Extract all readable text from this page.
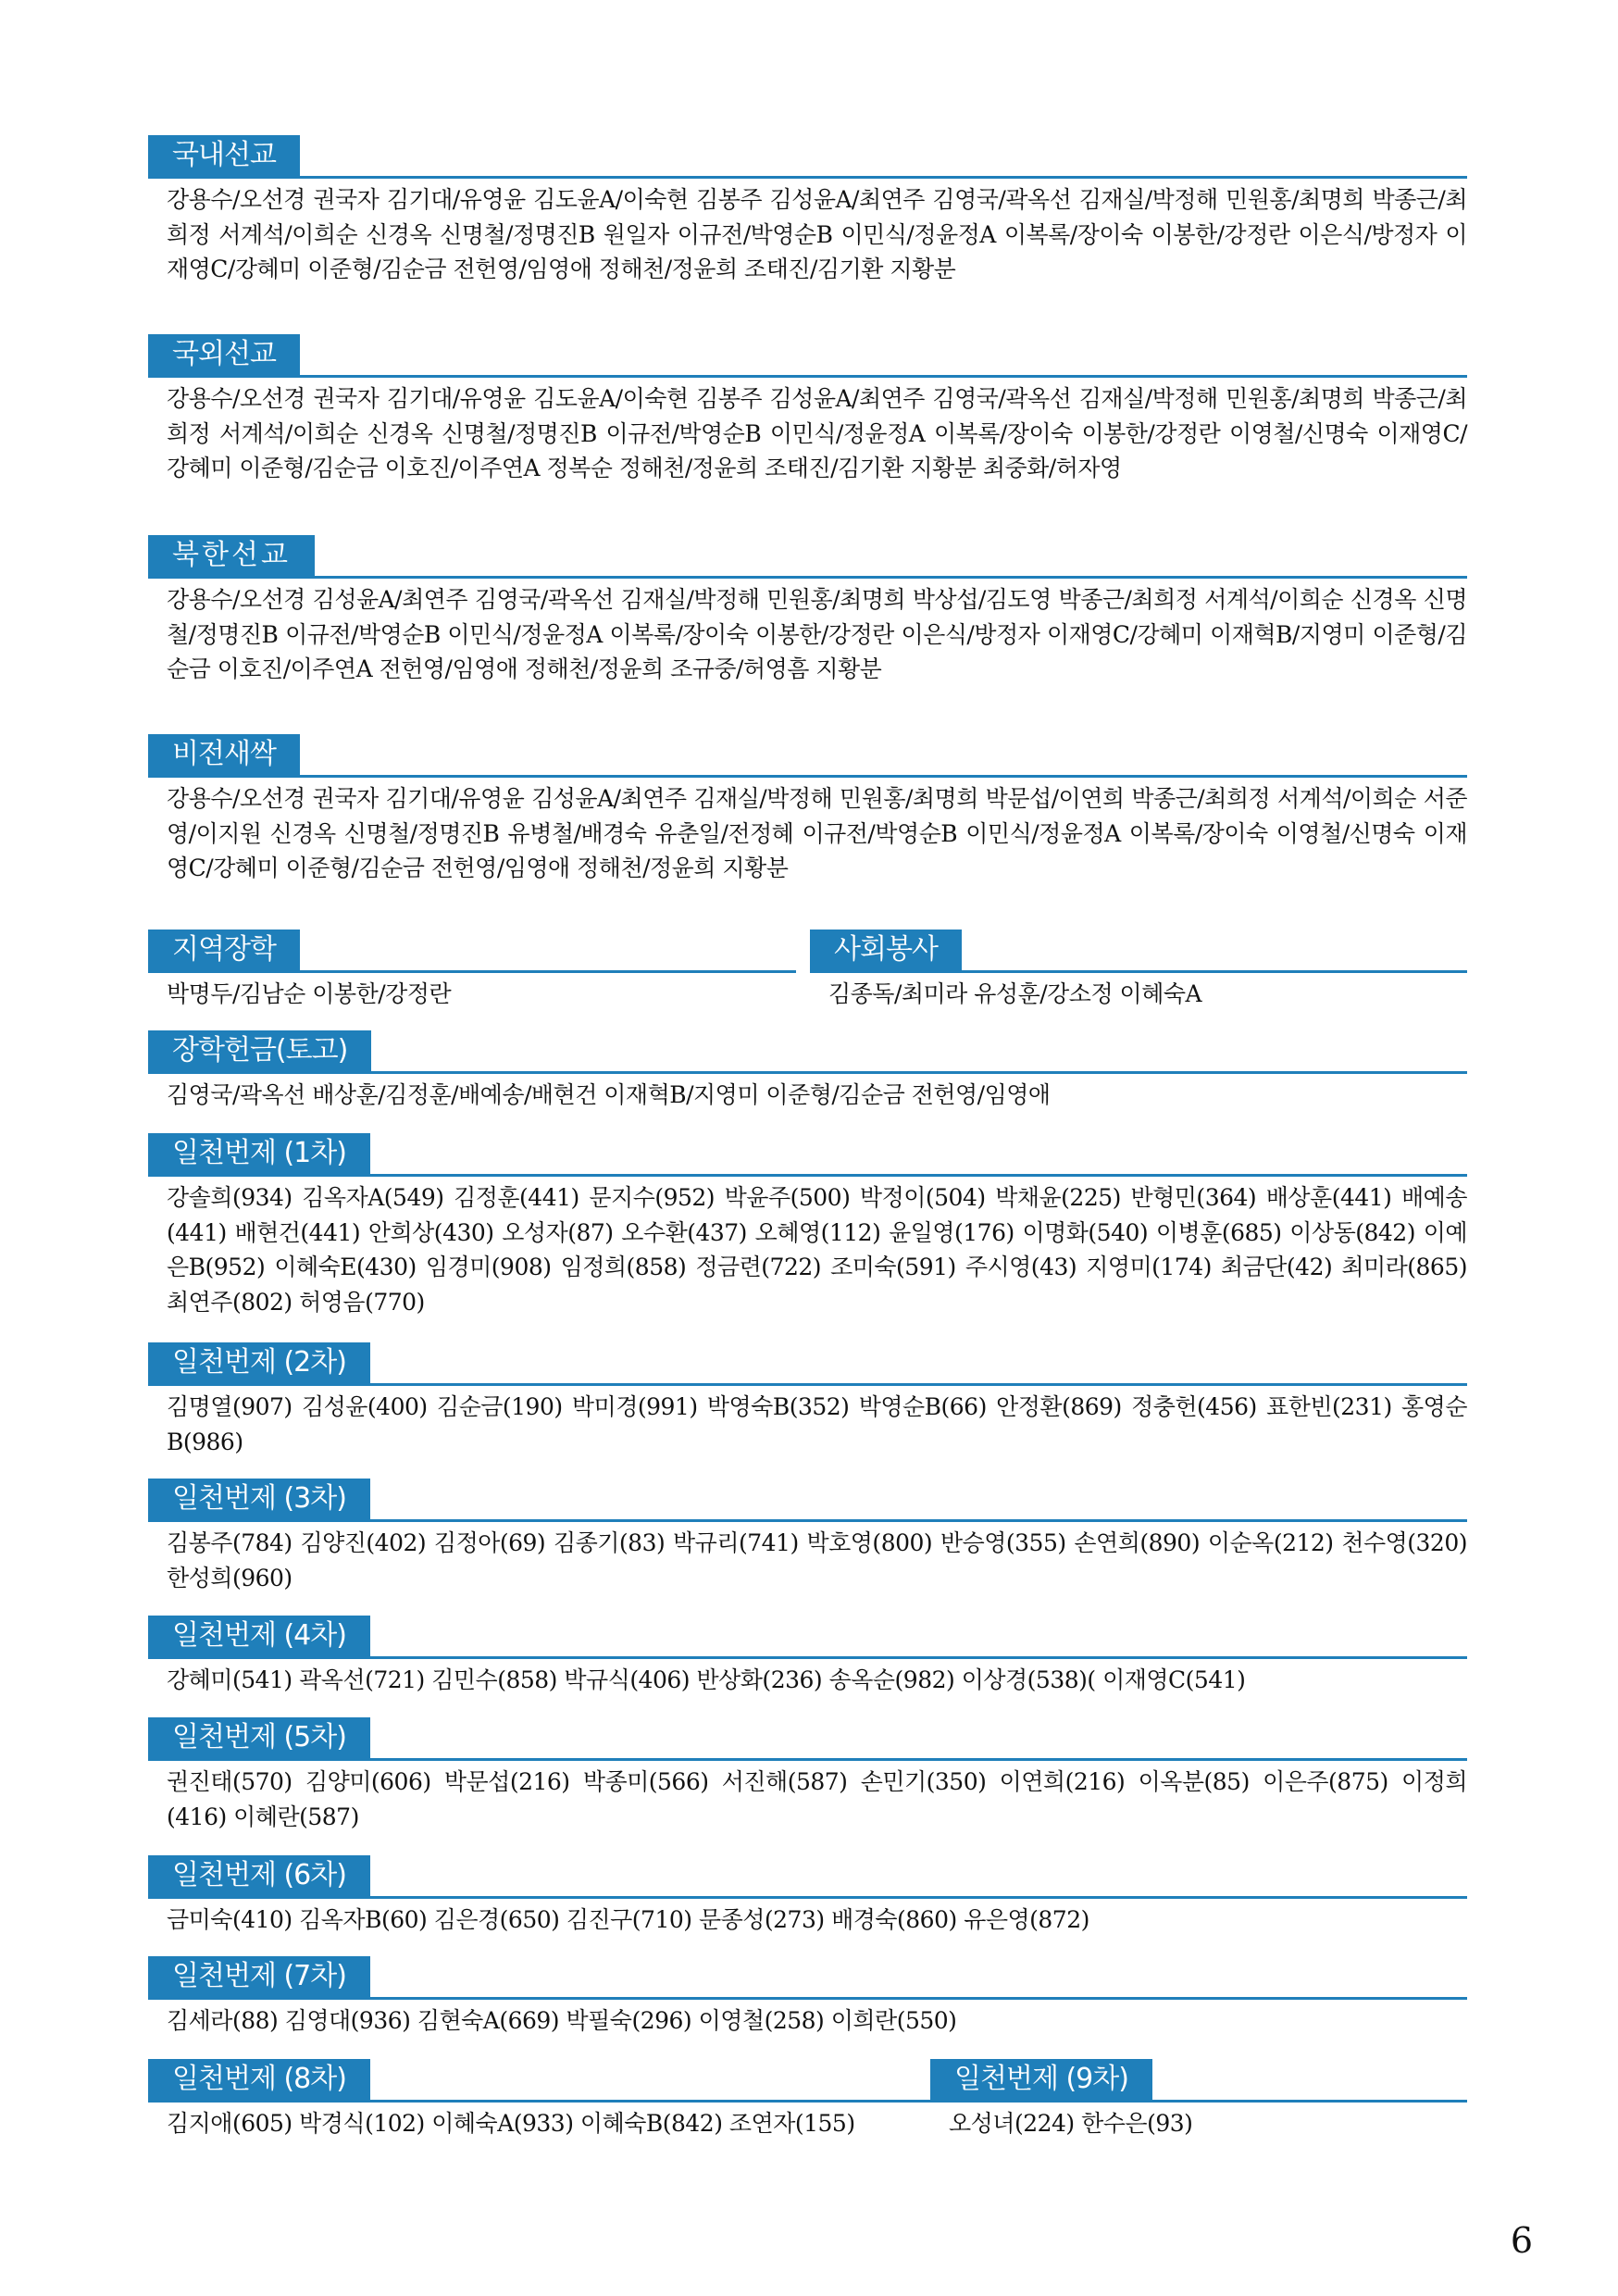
국내선교
강용수/오선경 권국자 김기대/유영윤 김도윤A/이숙현 김봉주 김성윤A/최연주 김영국/곽옥선 김재실/박정해 민원홍/최명희 박종근/최희정 서계석/이희순 신경옥 신명철/정명진B 원일자 이규전/박영순B 이민식/정윤정A 이복록/장이숙 이봉한/강정란 이은식/방정자 이재영C/강혜미 이준형/김순금 전헌영/임영애 정해천/정윤희 조태진/김기환 지황분
국외선교
강용수/오선경 권국자 김기대/유영윤 김도윤A/이숙현 김봉주 김성윤A/최연주 김영국/곽옥선 김재실/박정해 민원홍/최명희 박종근/최희정 서계석/이희순 신경옥 신명철/정명진B 이규전/박영순B 이민식/정윤정A 이복록/장이숙 이봉한/강정란 이영철/신명숙 이재영C/강혜미 이준형/김순금 이호진/이주연A 정복순 정해천/정윤희 조태진/김기환 지황분 최중화/허자영
북한선교
강용수/오선경 김성윤A/최연주 김영국/곽옥선 김재실/박정해 민원홍/최명희 박상섭/김도영 박종근/최희정 서계석/이희순 신경옥 신명철/정명진B 이규전/박영순B 이민식/정윤정A 이복록/장이숙 이봉한/강정란 이은식/방정자 이재영C/강혜미 이재혁B/지영미 이준형/김순금 이호진/이주연A 전헌영/임영애 정해천/정윤희 조규중/허영흠 지황분
비전새싹
강용수/오선경 권국자 김기대/유영윤 김성윤A/최연주 김재실/박정해 민원홍/최명희 박문섭/이연희 박종근/최희정 서계석/이희순 서준영/이지원 신경옥 신명철/정명진B 유병철/배경숙 유춘일/전정혜 이규전/박영순B 이민식/정윤정A 이복록/장이숙 이영철/신명숙 이재영C/강혜미 이준형/김순금 전헌영/임영애 정해천/정윤희 지황분
지역장학
박명두/김남순 이봉한/강정란
사회봉사
김종독/최미라 유성훈/강소정 이혜숙A
장학헌금(토고)
김영국/곽옥선 배상훈/김정훈/배예송/배현건 이재혁B/지영미 이준형/김순금 전헌영/임영애
일천번제 (1차)
강솔희(934) 김옥자A(549) 김정훈(441) 문지수(952) 박윤주(500) 박정이(504) 박채윤(225) 반형민(364) 배상훈(441) 배예송(441) 배현건(441) 안희상(430) 오성자(87) 오수환(437) 오혜영(112) 윤일영(176) 이명화(540) 이병훈(685) 이상동(842) 이예은B(952) 이혜숙E(430) 임경미(908) 임정희(858) 정금련(722) 조미숙(591) 주시영(43) 지영미(174) 최금단(42) 최미라(865) 최연주(802) 허영음(770)
일천번제 (2차)
김명열(907) 김성윤(400) 김순금(190) 박미경(991) 박영숙B(352) 박영순B(66) 안정환(869) 정충헌(456) 표한빈(231) 홍영순B(986)
일천번제 (3차)
김봉주(784) 김양진(402) 김정아(69) 김종기(83) 박규리(741) 박호영(800) 반승영(355) 손연희(890) 이순옥(212) 천수영(320) 한성희(960)
일천번제 (4차)
강혜미(541) 곽옥선(721) 김민수(858) 박규식(406) 반상화(236) 송옥순(982) 이상경(538)( 이재영C(541)
일천번제 (5차)
권진태(570) 김양미(606) 박문섭(216) 박종미(566) 서진해(587) 손민기(350) 이연희(216) 이옥분(85) 이은주(875) 이정희(416) 이혜란(587)
일천번제 (6차)
금미숙(410) 김옥자B(60) 김은경(650) 김진구(710) 문종성(273) 배경숙(860) 유은영(872)
일천번제 (7차)
김세라(88) 김영대(936) 김현숙A(669) 박필숙(296) 이영철(258) 이희란(550)
일천번제 (8차)
김지애(605) 박경식(102) 이혜숙A(933) 이혜숙B(842) 조연자(155)
일천번제 (9차)
오성녀(224) 한수은(93)
6
